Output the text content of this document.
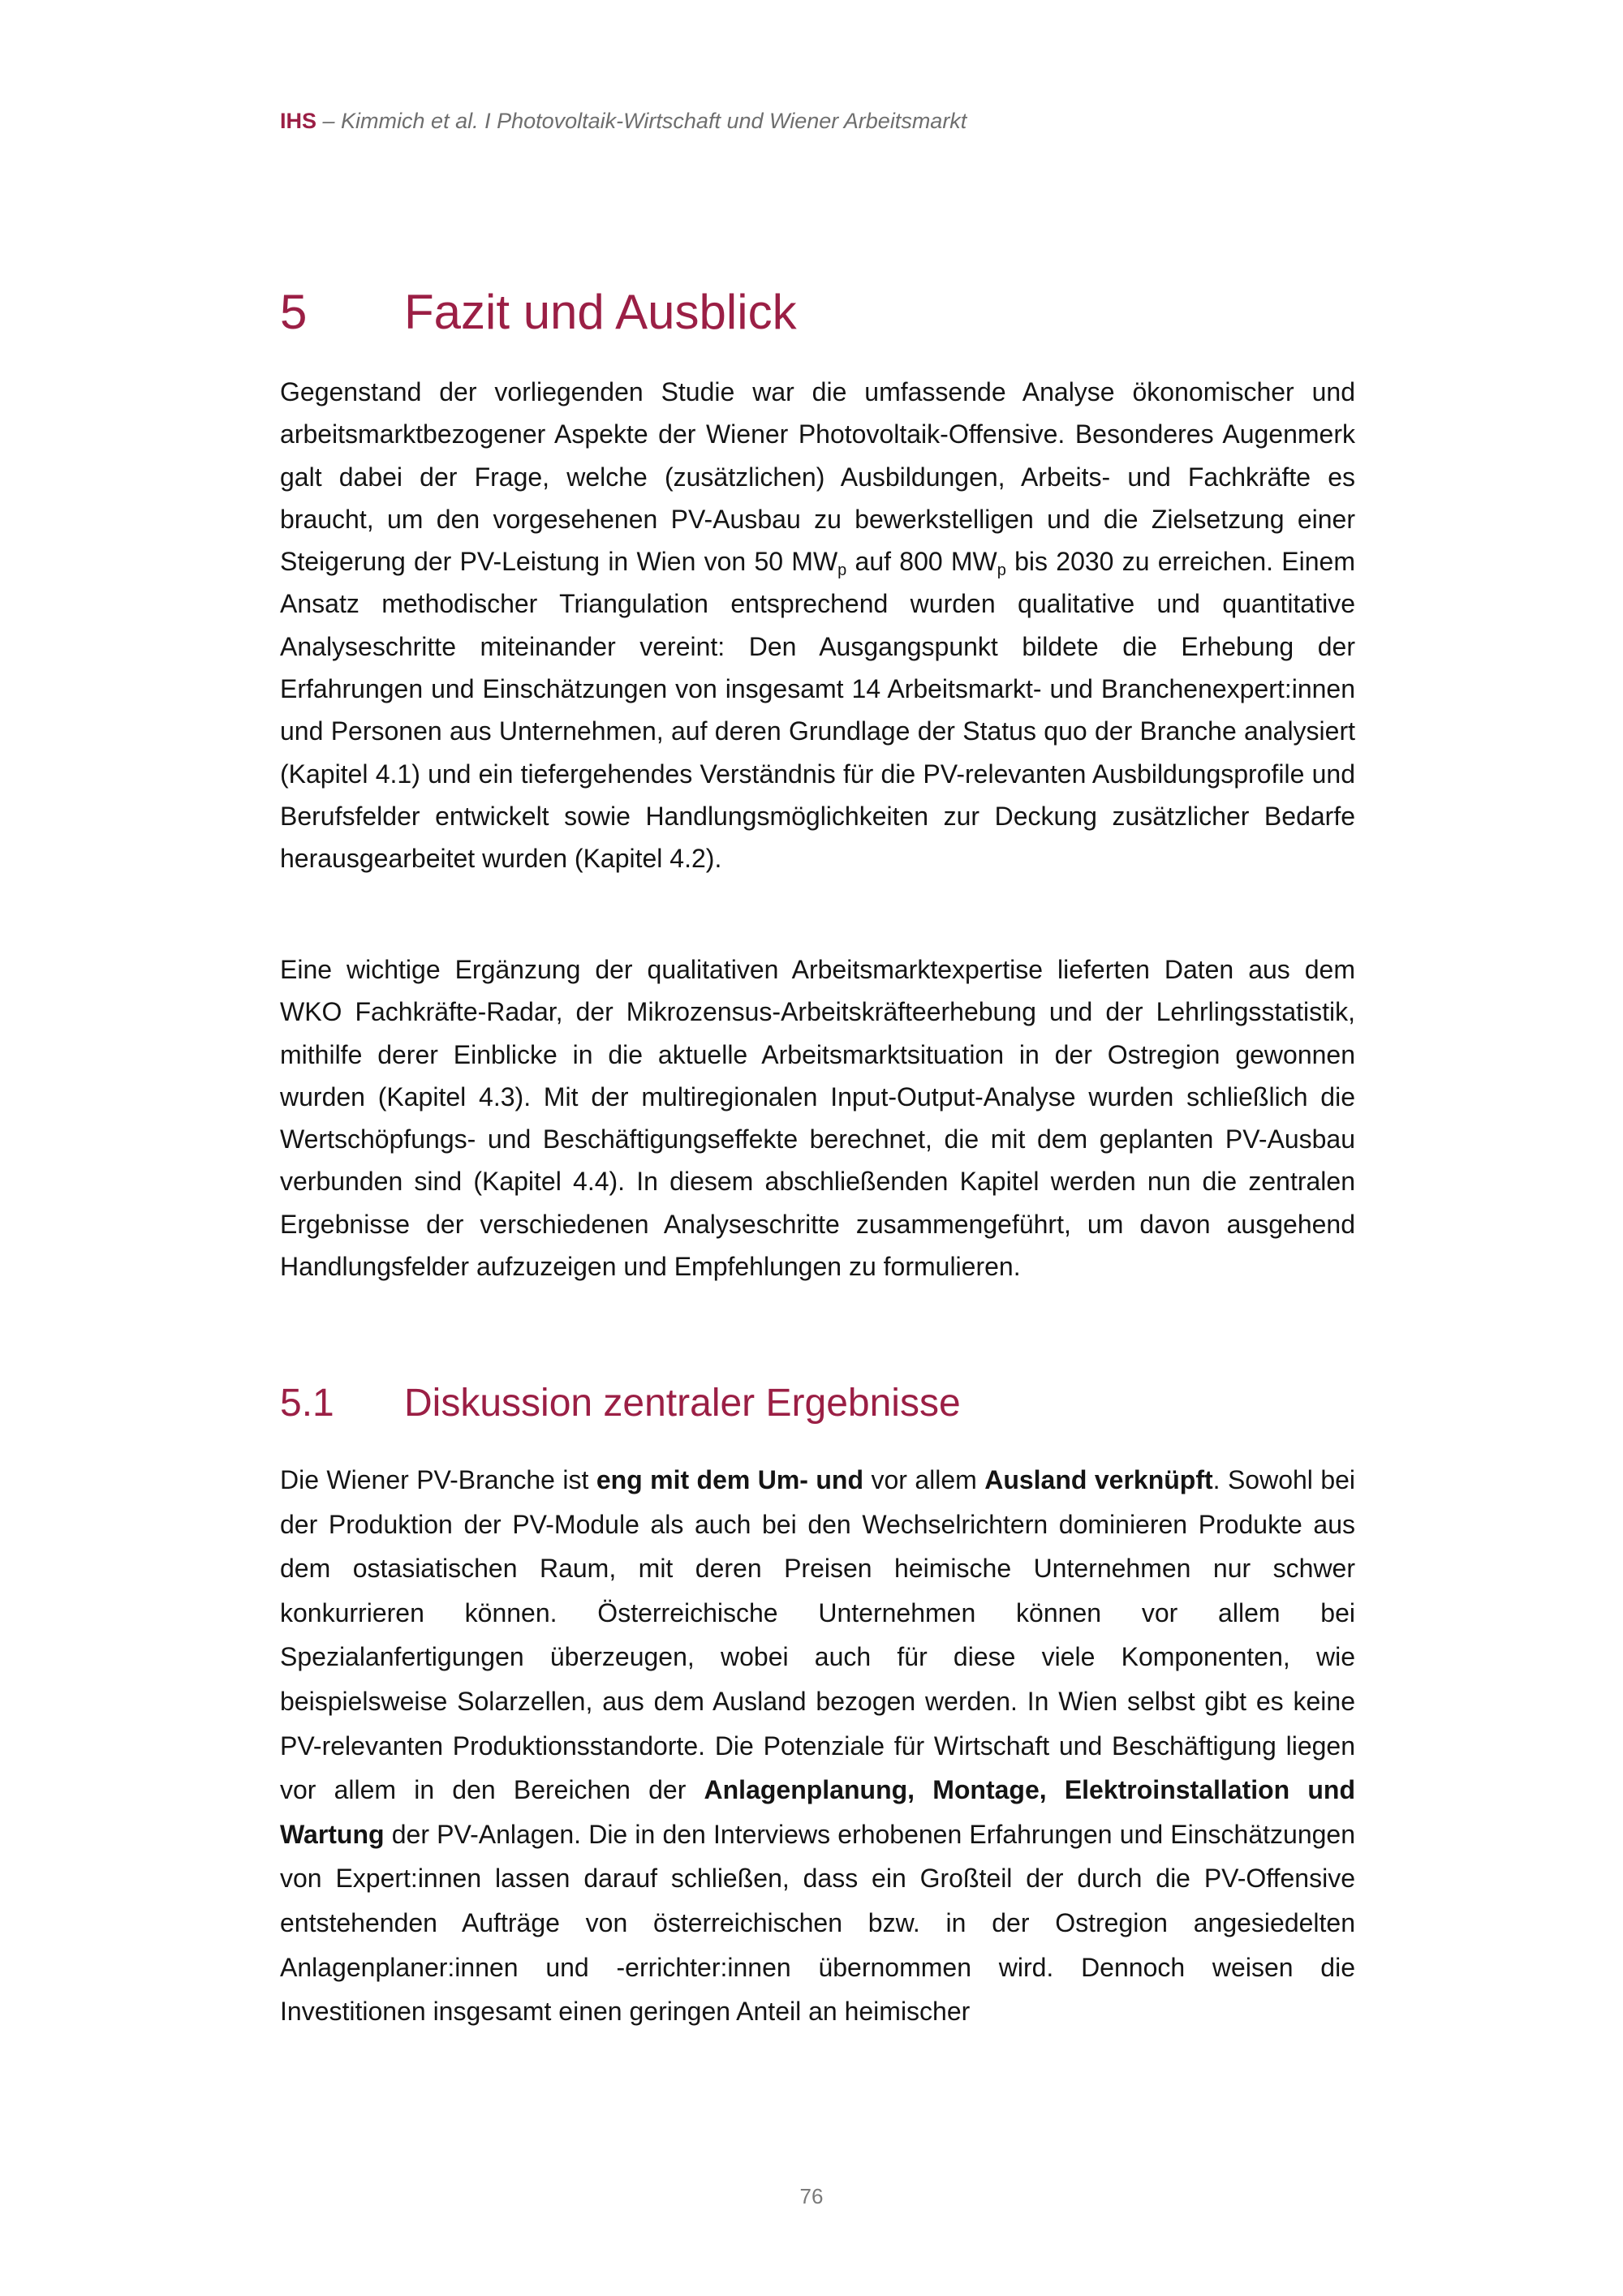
IHS – Kimmich et al. I Photovoltaik-Wirtschaft und Wiener Arbeitsmarkt
5 Fazit und Ausblick

Gegenstand der vorliegenden Studie war die umfassende Analyse ökonomischer und arbeitsmarktbezogener Aspekte der Wiener Photovoltaik-Offensive. Besonderes Augenmerk galt dabei der Frage, welche (zusätzlichen) Ausbildungen, Arbeits- und Fachkräfte es braucht, um den vorgesehenen PV-Ausbau zu bewerkstelligen und die Zielsetzung einer Steigerung der PV-Leistung in Wien von 50 $MW_p$ auf 800 $MW_p$ bis 2030 zu erreichen. Einem Ansatz methodischer Triangulation entsprechend wurden qualitative und quantitative Analyseschritte miteinander vereint: Den Ausgangspunkt bildete die Erhebung der Erfahrungen und Einschätzungen von insgesamt 14 Arbeitsmarkt- und Branchenexpert:innen und Personen aus Unternehmen, auf deren Grundlage der Status quo der Branche analysiert (Kapitel 4.1) und ein tiefergehendes Verständnis für die PV-relevanten Ausbildungsprofile und Berufsfelder entwickelt sowie Handlungsmöglichkeiten zur Deckung zusätzlicher Bedarfe herausgearbeitet wurden (Kapitel 4.2).

Eine wichtige Ergänzung der qualitativen Arbeitsmarktexpertise lieferten Daten aus dem WKO Fachkräfte-Radar, der Mikrozensus-Arbeitskräfteerhebung und der Lehrlingsstatistik, mithilfe derer Einblicke in die aktuelle Arbeitsmarktsituation in der Ostregion gewonnen wurden (Kapitel 4.3). Mit der multiregionalen Input-Output-Analyse wurden schließlich die Wertschöpfungs- und Beschäftigungseffekte berechnet, die mit dem geplanten PV-Ausbau verbunden sind (Kapitel 4.4). In diesem abschließenden Kapitel werden nun die zentralen Ergebnisse der verschiedenen Analyseschritte zusammengeführt, um davon ausgehend Handlungsfelder aufzuzeigen und Empfehlungen zu formulieren.

5.1 Diskussion zentraler Ergebnisse

Die Wiener PV-Branche ist eng mit dem Um- und vor allem Ausland verknüpft. Sowohl bei der Produktion der PV-Module als auch bei den Wechselrichtern dominieren Produkte aus dem ostasiatischen Raum, mit deren Preisen heimische Unternehmen nur schwer konkurrieren können. Österreichische Unternehmen können vor allem bei Spezialanfertigungen überzeugen, wobei auch für diese viele Komponenten, wie beispielsweise Solarzellen, aus dem Ausland bezogen werden. In Wien selbst gibt es keine PV-relevanten Produktionsstandorte. Die Potenziale für Wirtschaft und Beschäftigung liegen vor allem in den Bereichen der Anlagenplanung, Montage, Elektroinstallation und Wartung der PV-Anlagen. Die in den Interviews erhobenen Erfahrungen und Einschätzungen von Expert:innen lassen darauf schließen, dass ein Großteil der durch die PV-Offensive entstehenden Aufträge von österreichischen bzw. in der Ostregion angesiedelten Anlagenplaner:innen und -errichter:innen übernommen wird. Dennoch weisen die Investitionen insgesamt einen geringen Anteil an heimischer

76
